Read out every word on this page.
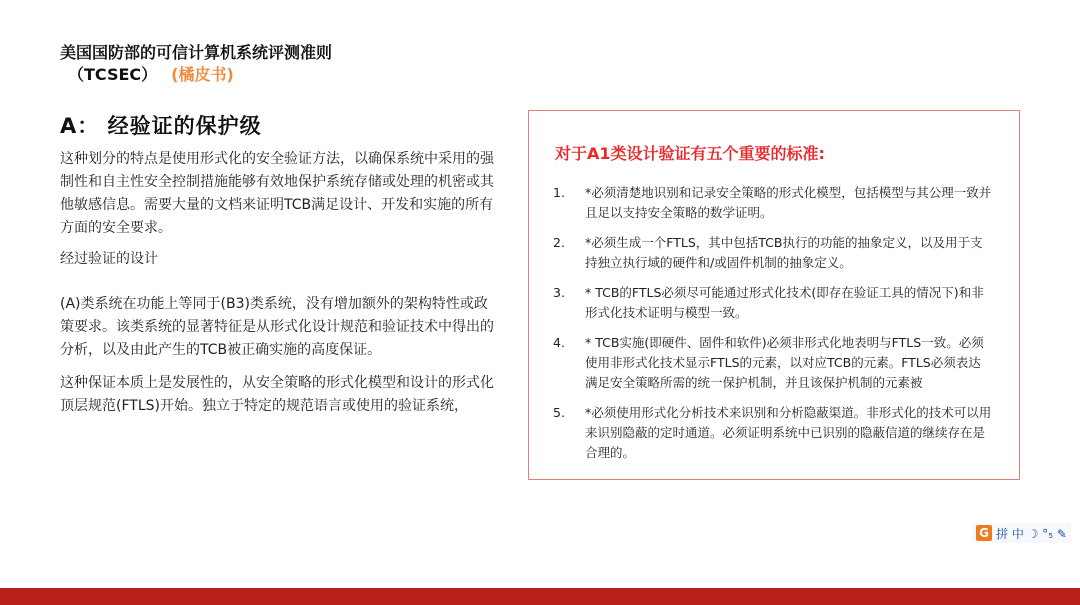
美国国防部的可信计算机系统评测准则
（TCSEC） (橘皮书)
A： 经验证的保护级

这种划分的特点是使用形式化的安全验证方法，以确保系统中采用的强制性和自主性安全控制措施能够有效地保护系统存储或处理的机密或其他敏感信息。需要大量的文档来证明TCB满足设计、开发和实施的所有方面的安全要求。

经过验证的设计

(A)类系统在功能上等同于(B3)类系统，没有增加额外的架构特性或政策要求。该类系统的显著特征是从形式化设计规范和验证技术中得出的分析，以及由此产生的TCB被正确实施的高度保证。

这种保证本质上是发展性的，从安全策略的形式化模型和设计的形式化顶层规范(FTLS)开始。独立于特定的规范语言或使用的验证系统，

对于A1类设计验证有五个重要的标准:
1.	*必须清楚地识别和记录安全策略的形式化模型，包括模型与其公理一致并且足以支持安全策略的数学证明。
2.	*必须生成一个FTLS，其中包括TCB执行的功能的抽象定义，以及用于支持独立执行域的硬件和/或固件机制的抽象定义。
3.	* TCB的FTLS必须尽可能通过形式化技术(即存在验证工具的情况下)和非形式化技术证明与模型一致。
4.	* TCB实施(即硬件、固件和软件)必须非形式化地表明与FTLS一致。必须使用非形式化技术显示FTLS的元素，以对应TCB的元素。FTLS必须表达满足安全策略所需的统一保护机制，并且该保护机制的元素被
5.	*必须使用形式化分析技术来识别和分析隐蔽渠道。非形式化的技术可以用来识别隐蔽的定时通道。必须证明系统中已识别的隐蔽信道的继续存在是合理的。
G 拼 中 ☽ °₅ ✎
